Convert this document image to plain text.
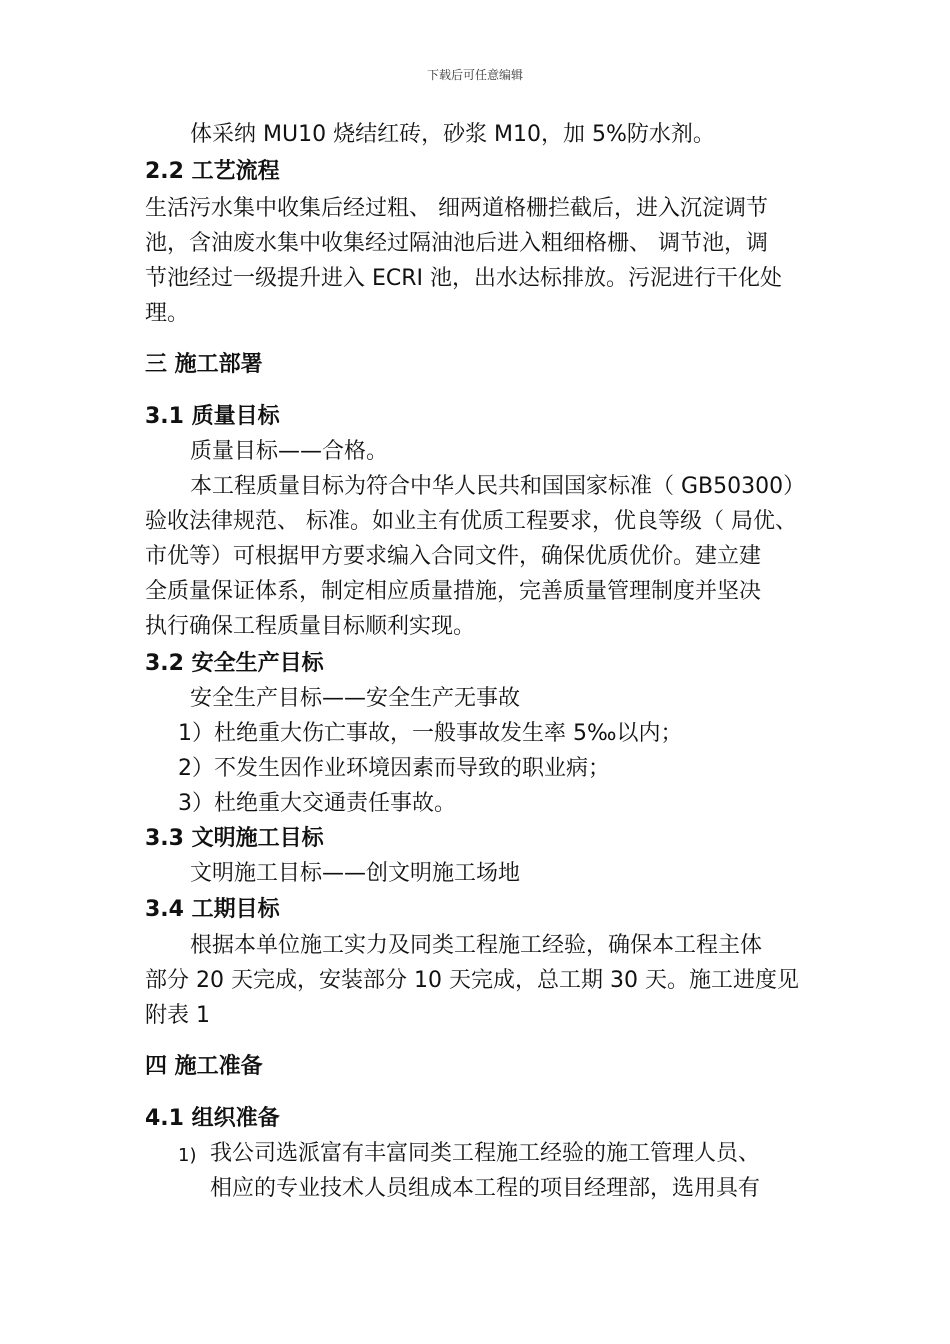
下载后可任意编辑
体采纳 MU10 烧结红砖，砂浆 M10，加 5%防水剂。
2.2 工艺流程
生活污水集中收集后经过粗、 细两道格栅拦截后，进入沉淀调节
池，含油废水集中收集经过隔油池后进入粗细格栅、 调节池，调
节池经过一级提升进入 ECRI 池，出水达标排放。污泥进行干化处
理。
三 施工部署
3.1 质量目标
质量目标——合格。
本工程质量目标为符合中华人民共和国国家标准（ GB50300）
验收法律规范、 标准。如业主有优质工程要求，优良等级（ 局优、
市优等）可根据甲方要求编入合同文件，确保优质优价。建立建
全质量保证体系，制定相应质量措施，完善质量管理制度并坚决
执行确保工程质量目标顺利实现。
3.2 安全生产目标
安全生产目标——安全生产无事故
1）杜绝重大伤亡事故，一般事故发生率 5‰以内；
2）不发生因作业环境因素而导致的职业病；
3）杜绝重大交通责任事故。
3.3 文明施工目标
文明施工目标——创文明施工场地
3.4 工期目标
根据本单位施工实力及同类工程施工经验，确保本工程主体
部分 20 天完成，安装部分 10 天完成，总工期 30 天。施工进度见
附表 1
四 施工准备
4.1 组织准备
1) 我公司选派富有丰富同类工程施工经验的施工管理人员、
相应的专业技术人员组成本工程的项目经理部，选用具有
